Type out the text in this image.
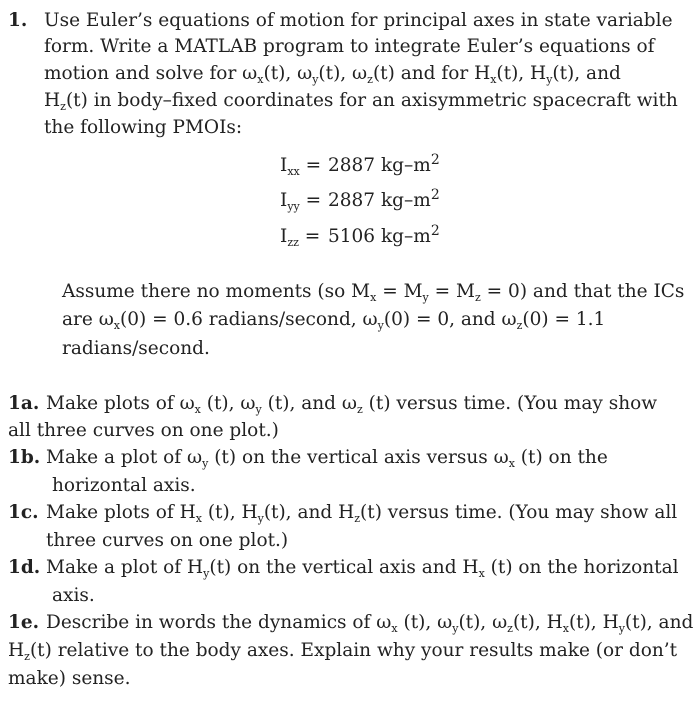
1. Use Euler’s equations of motion for principal axes in state variable
form. Write a MATLAB program to integrate Euler’s equations of
motion and solve for $\omega_x(t)$, $\omega_y(t)$, $\omega_z(t)$ and for $H_x(t)$, $H_y(t)$, and
$H_z(t)$ in body–fixed coordinates for an axisymmetric spacecraft with
the following PMOIs:
$I_{xx} = 2887$ $kg-m^2$
$I_{yy} = 2887$ $kg-m^2$
$I_{zz} = 5106$ $kg-m^2$
Assume there no moments (so $M_x = M_y = M_z = 0$) and that the ICs
are $\omega_x(0) = 0.6$ radians/second, $\omega_y(0) = 0$, and $\omega_z(0) = 1.1$
radians/second.
1a. Make plots of $\omega_x$ (t), $\omega_y$ (t), and $\omega_z$ (t) versus time. (You may show
all three curves on one plot.)
1b. Make a plot of $\omega_y$ (t) on the vertical axis versus $\omega_x$ (t) on the
horizontal axis.
1c. Make plots of $H_x$ (t), $H_y(t)$, and $H_z(t)$ versus time. (You may show all
three curves on one plot.)
1d. Make a plot of $H_y(t)$ on the vertical axis and $H_x$ (t) on the horizontal
axis.
1e. Describe in words the dynamics of $\omega_x$ (t), $\omega_y(t)$, $\omega_z(t)$, $H_x(t)$, $H_y(t)$, and
$H_z(t)$ relative to the body axes. Explain why your results make (or don’t
make) sense.
